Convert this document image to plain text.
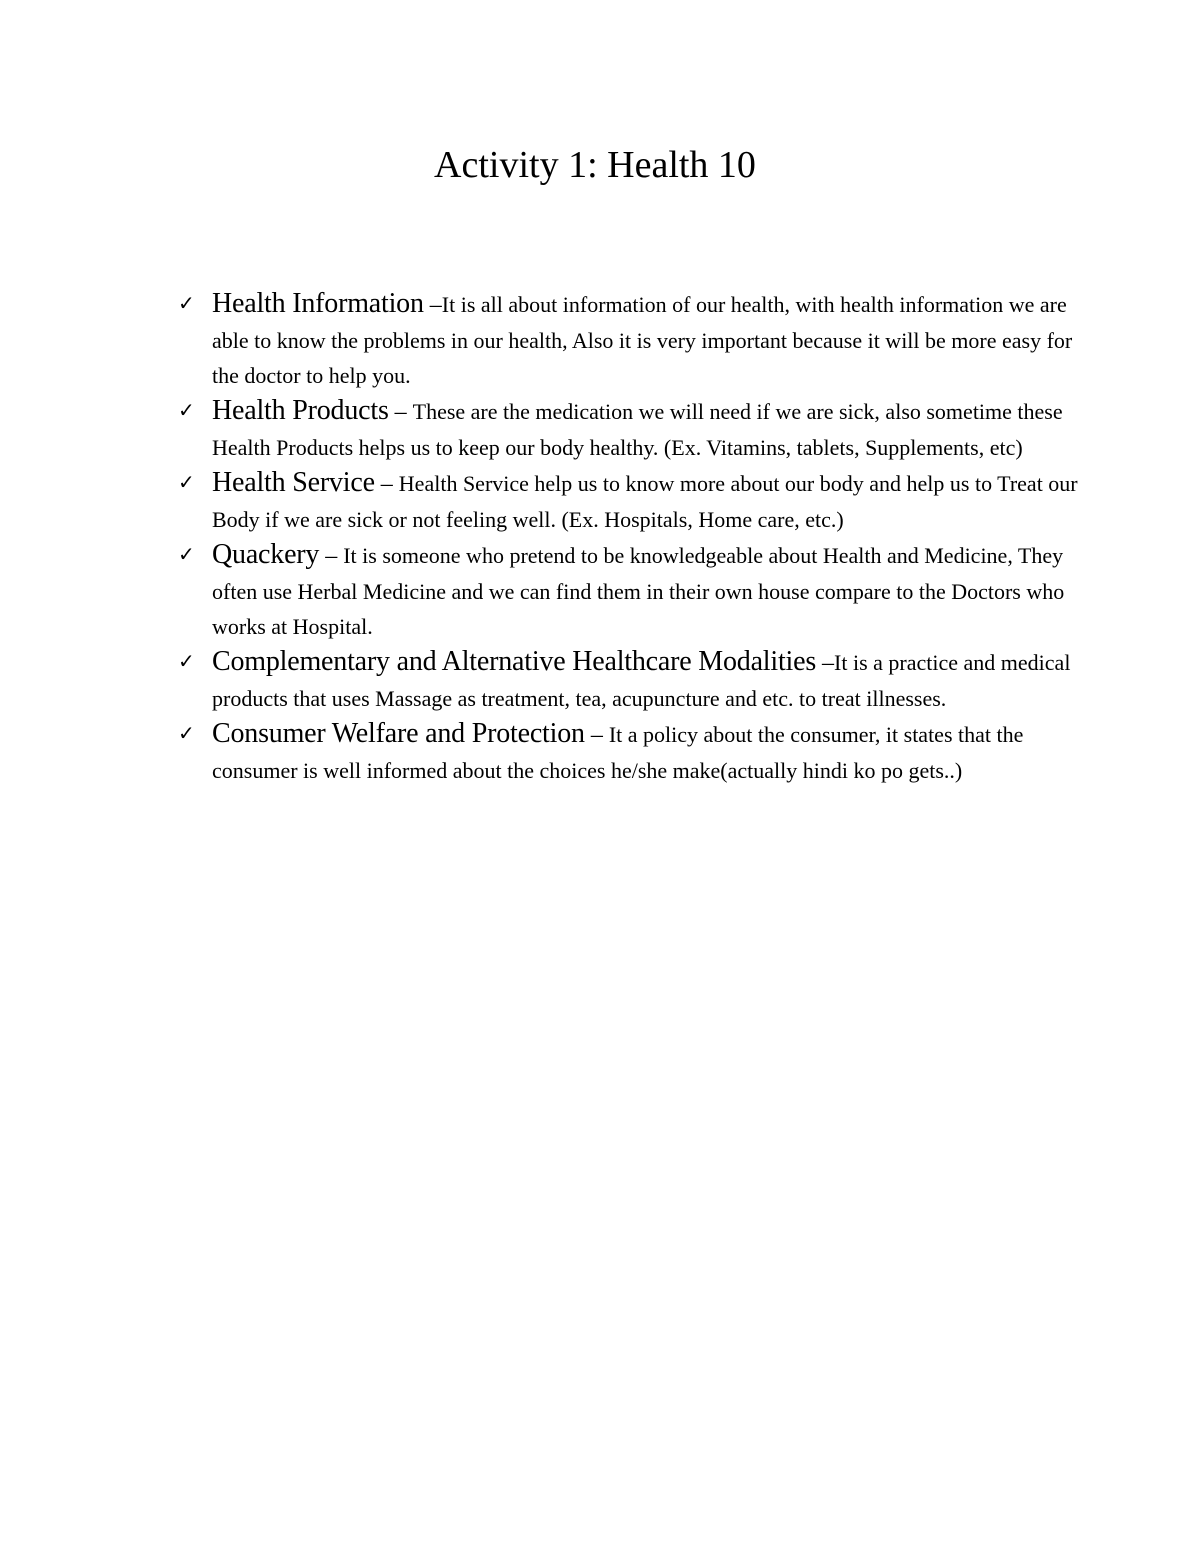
Activity 1: Health 10
✓ Health Information –It is all about information of our health, with health information we are able to know the problems in our health, Also it is very important because it will be more easy for the doctor to help you.
✓ Health Products – These are the medication we will need if we are sick, also sometime these Health Products helps us to keep our body healthy. (Ex. Vitamins, tablets, Supplements, etc)
✓ Health Service – Health Service help us to know more about our body and help us to Treat our Body if we are sick or not feeling well. (Ex. Hospitals, Home care, etc.)
✓ Quackery – It is someone who pretend to be knowledgeable about Health and Medicine, They often use Herbal Medicine and we can find them in their own house compare to the Doctors who works at Hospital.
✓ Complementary and Alternative Healthcare Modalities –It is a practice and medical products that uses Massage as treatment, tea, acupuncture and etc. to treat illnesses.
✓ Consumer Welfare and Protection – It a policy about the consumer, it states that the consumer is well informed about the choices he/she make(actually hindi ko po gets..)
